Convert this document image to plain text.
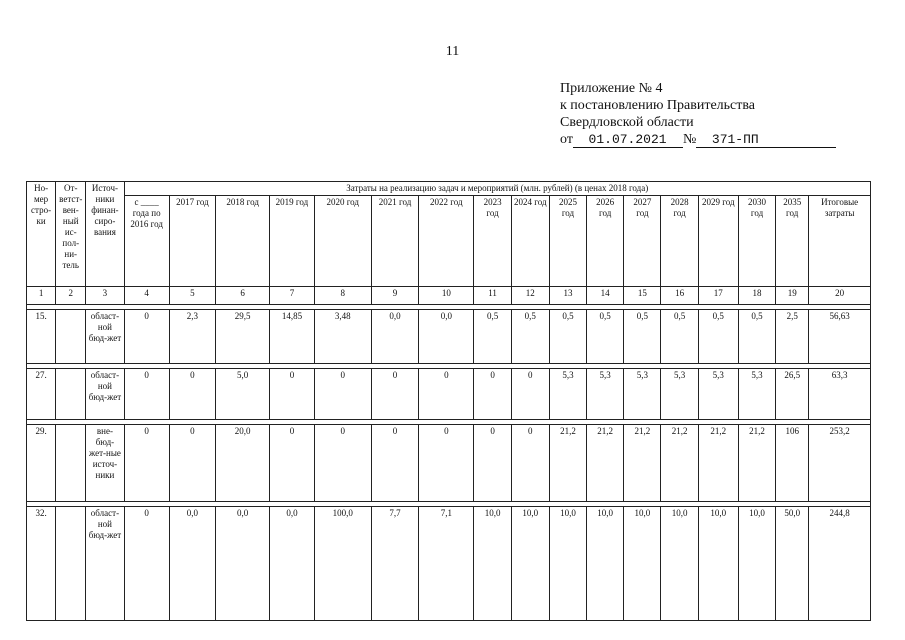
11
Приложение № 4
к постановлению Правительства
Свердловской области
от 01.07.2021 № 371-ПП
Но-мер стро-ки	От-ветст-вен-ный ис-пол-ни-тель	Источ-ники финан-сиро-вания	Затраты на реализацию задач и мероприятий (млн. рублей) (в ценах 2018 года)																
			с ____ года по 2016 год	2017 год	2018 год	2019 год	2020 год	2021 год	2022 год	2023 год	2024 год	2025 год	2026 год	2027 год	2028 год	2029 год	2030 год	2035 год	Итоговые затраты
1	2	3	4	5	6	7	8	9	10	11	12	13	14	15	16	17	18	19	20

15.		област-ной бюд-жет	0	2,3	29,5	14,85	3,48	0,0	0,0	0,5	0,5	0,5	0,5	0,5	0,5	0,5	0,5	2,5	56,63

27.		област-ной бюд-жет	0	0	5,0	0	0	0	0	0	0	5,3	5,3	5,3	5,3	5,3	5,3	26,5	63,3

29.		вне-бюд-жет-ные источ-ники	0	0	20,0	0	0	0	0	0	0	21,2	21,2	21,2	21,2	21,2	21,2	106	253,2

32.		област-ной бюд-жет	0	0,0	0,0	0,0	100,0	7,7	7,1	10,0	10,0	10,0	10,0	10,0	10,0	10,0	10,0	50,0	244,8
